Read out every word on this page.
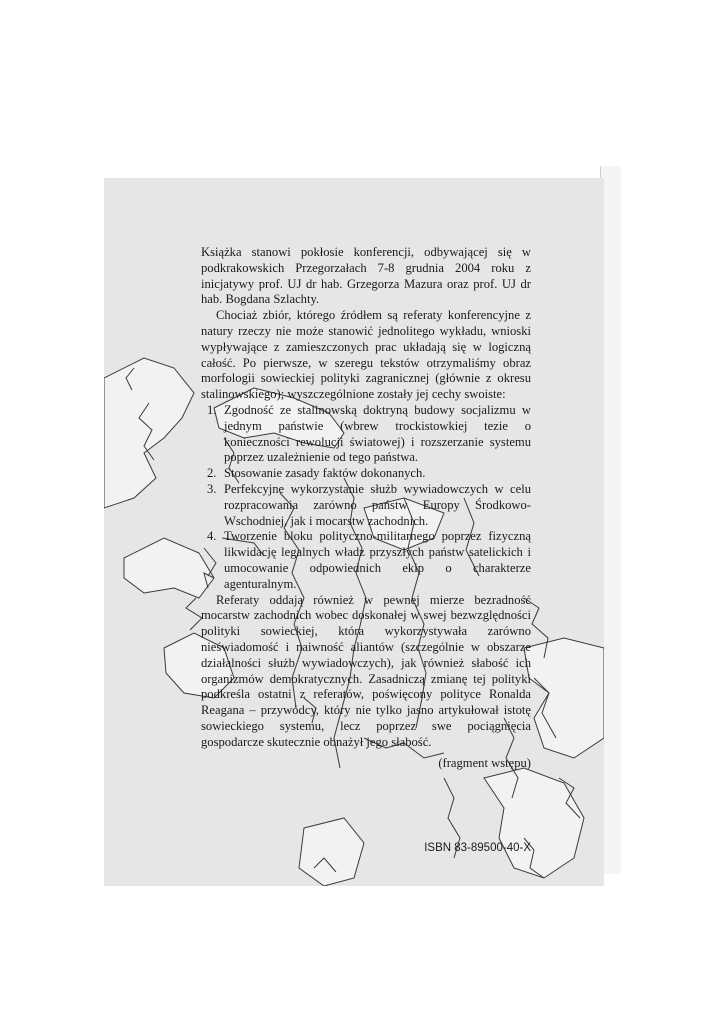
Książka stanowi pokłosie konferencji, odbywającej się w podkrakowskich Przegorzałach 7-8 grudnia 2004 roku z inicjatywy prof. UJ dr hab. Grzegorza Mazura oraz prof. UJ dr hab. Bogdana Szlachty.

Chociaż zbiór, którego źródłem są referaty konferencyjne z natury rzeczy nie może stanowić jednolitego wykładu, wnioski wypływające z zamieszczonych prac układają się w logiczną całość. Po pierwsze, w szeregu tekstów otrzymaliśmy obraz morfologii sowieckiej polityki zagranicznej (głównie z okresu stalinowskiego); wyszczególnione zostały jej cechy swoiste:

1. Zgodność ze stalinowską doktryną budowy socjalizmu w jednym państwie (wbrew trockistowkiej tezie o konieczności rewolucji światowej) i rozszerzanie systemu poprzez uzależnienie od tego państwa.
2. Stosowanie zasady faktów dokonanych.
3. Perfekcyjne wykorzystanie służb wywiadowczych w celu rozpracowania zarówno państw Europy Środkowo-Wschodniej, jak i mocarstw zachodnich.
4. Tworzenie bloku polityczno-militarnego poprzez fizyczną likwidację legalnych władz przyszłych państw satelickich i umocowanie odpowiednich ekip o charakterze agenturalnym.

Referaty oddają również w pewnej mierze bezradność mocarstw zachodnich wobec doskonałej w swej bezwzględności polityki sowieckiej, która wykorzystywała zarówno nieświadomość i naiwność aliantów (szczególnie w obszarze działalności służb wywiadowczych), jak również słabość ich organizmów demokratycznych. Zasadniczą zmianę tej polityki podkreśla ostatni z referatów, poświęcony polityce Ronalda Reagana – przywódcy, który nie tylko jasno artykułował istotę sowieckiego systemu, lecz poprzez swe pociągnięcia gospodarcze skutecznie obnażył jego słabość.

(fragment wstępu)
ISBN 83-89500-40-X
